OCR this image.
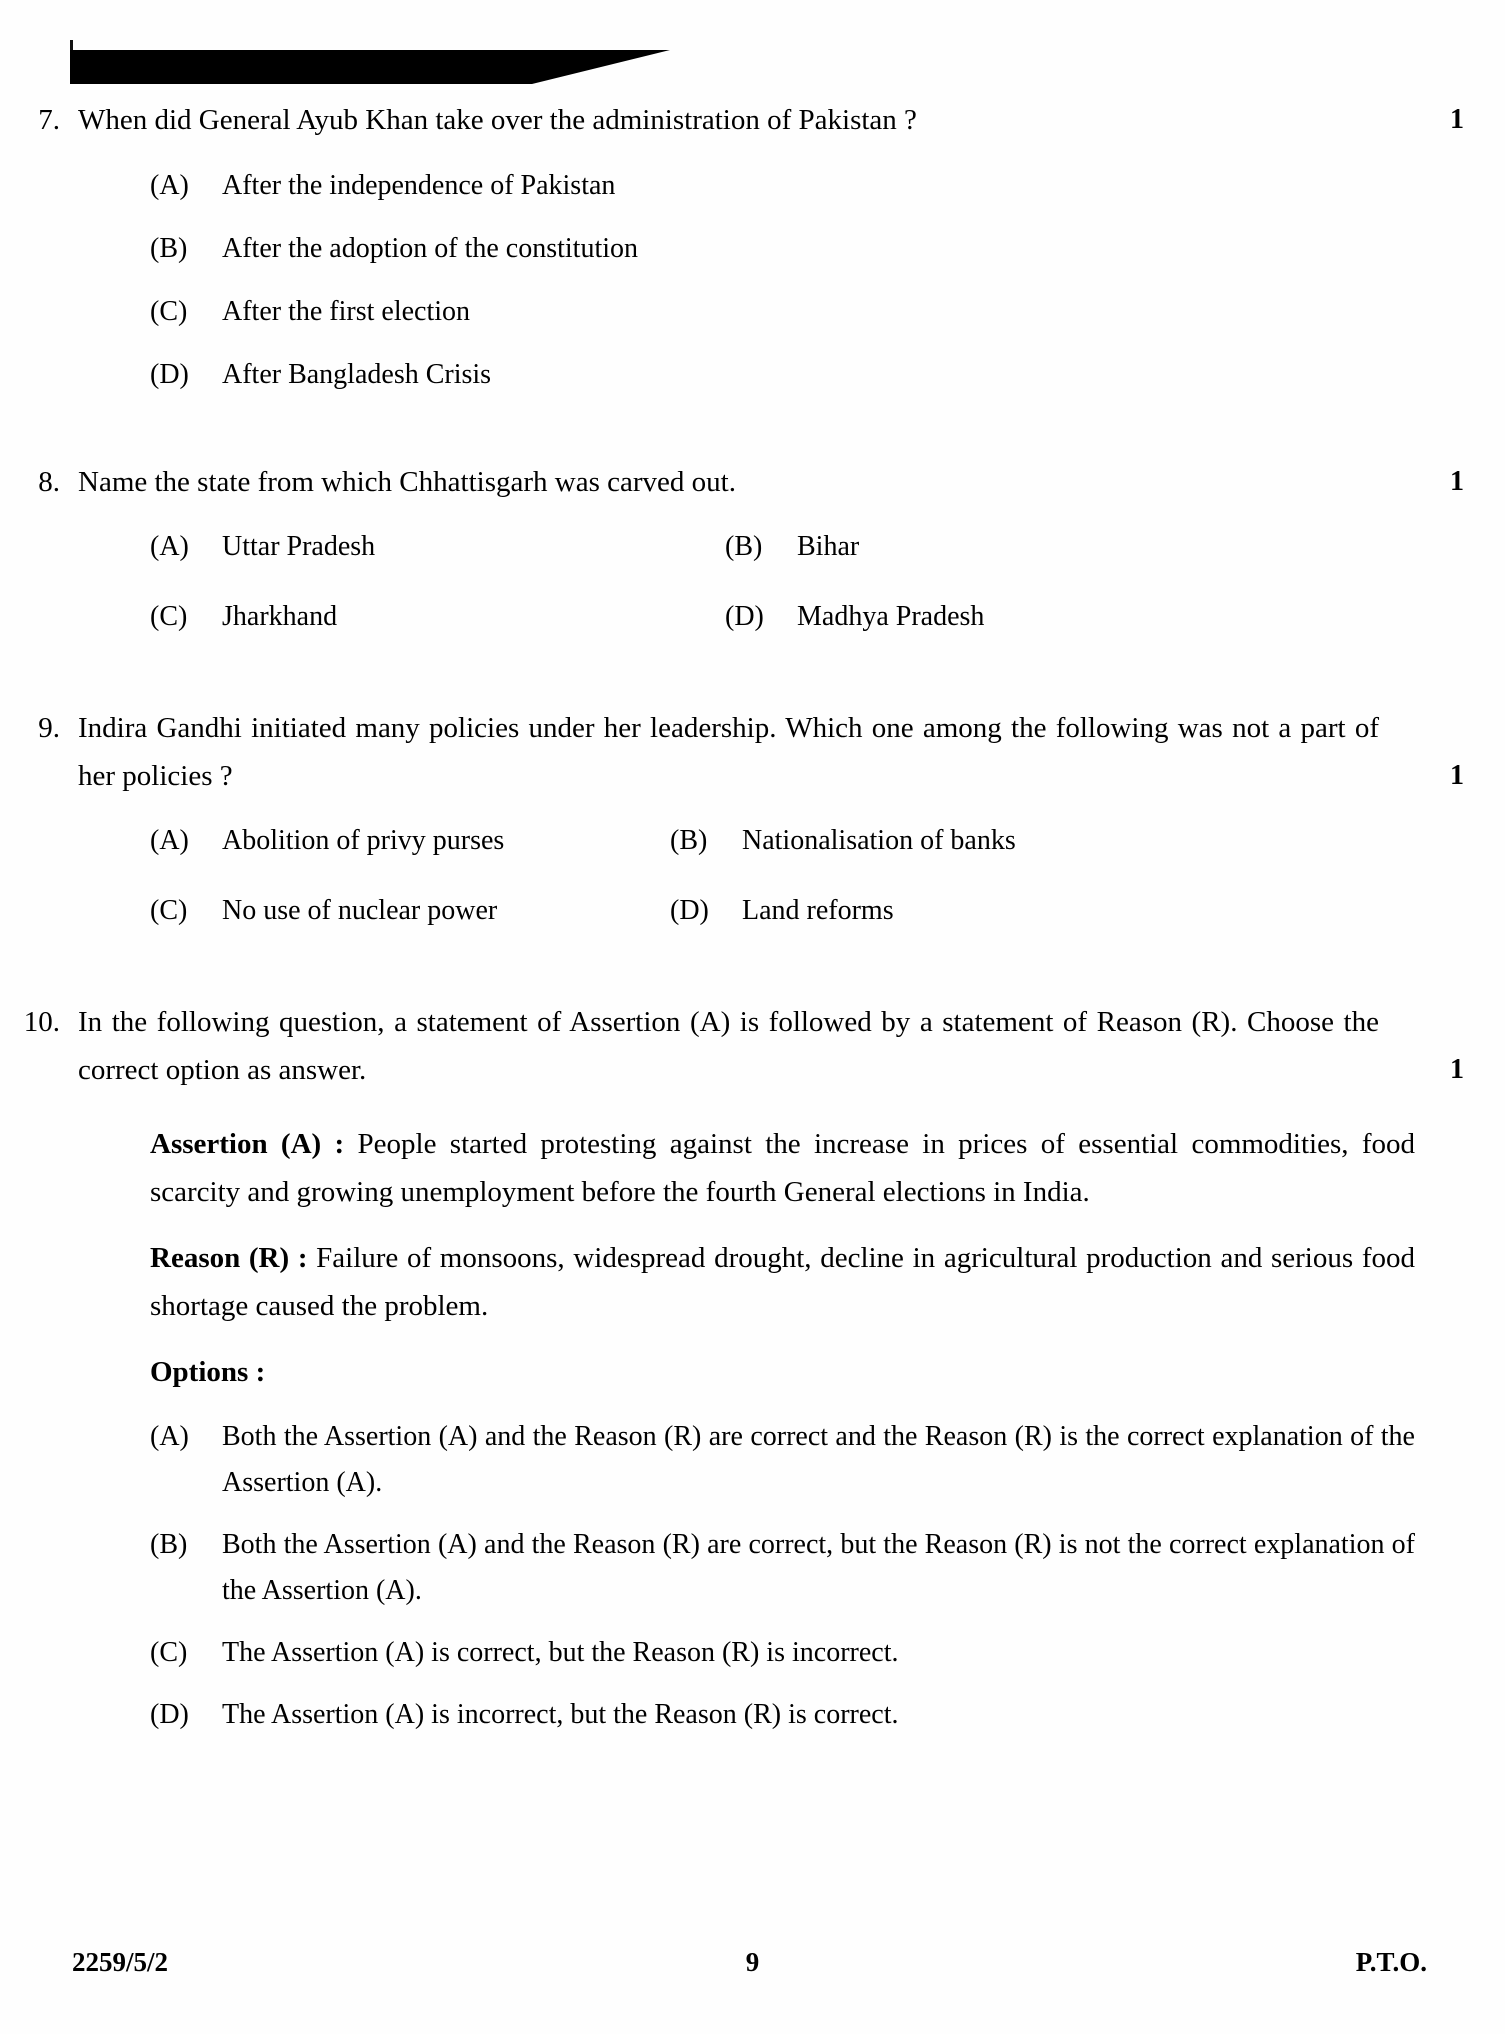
7. When did General Ayub Khan take over the administration of Pakistan ?	1
(A)	After the independence of Pakistan
(B)	After the adoption of the constitution
(C)	After the first election
(D)	After Bangladesh Crisis
8. Name the state from which Chhattisgarh was carved out.	1
(A)	Uttar Pradesh	(B)	Bihar
(C)	Jharkhand	(D)	Madhya Pradesh
9. Indira Gandhi initiated many policies under her leadership. Which one among the following was not a part of her policies ?	1
(A)	Abolition of privy purses	(B)	Nationalisation of banks
(C)	No use of nuclear power	(D)	Land reforms
10. In the following question, a statement of Assertion (A) is followed by a statement of Reason (R). Choose the correct option as answer.	1

Assertion (A) : People started protesting against the increase in prices of essential commodities, food scarcity and growing unemployment before the fourth General elections in India.

Reason (R) : Failure of monsoons, widespread drought, decline in agricultural production and serious food shortage caused the problem.

Options :

(A)	Both the Assertion (A) and the Reason (R) are correct and the Reason (R) is the correct explanation of the Assertion (A).
(B)	Both the Assertion (A) and the Reason (R) are correct, but the Reason (R) is not the correct explanation of the Assertion (A).
(C)	The Assertion (A) is correct, but the Reason (R) is incorrect.
(D)	The Assertion (A) is incorrect, but the Reason (R) is correct.
2259/5/2	9	P.T.O.
